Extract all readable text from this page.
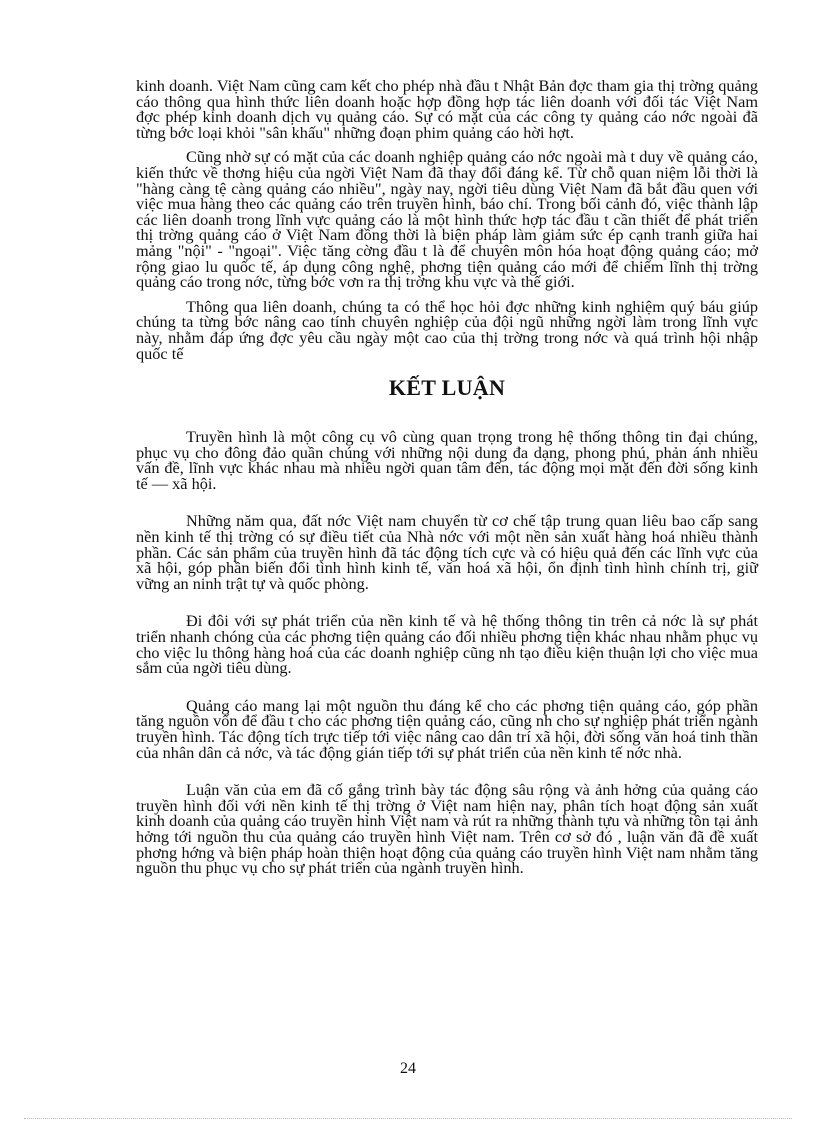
kinh doanh. Việt Nam cũng cam kết cho phép nhà đầu t Nhật Bản đợc tham gia thị trờng quảng cáo thông qua hình thức liên doanh hoặc hợp đồng hợp tác liên doanh với đối tác Việt Nam đợc phép kinh doanh dịch vụ quảng cáo. Sự có mặt của các công ty quảng cáo nớc ngoài đã từng bớc loại khỏi "sân khấu" những đoạn phim quảng cáo hời hợt.

Cũng nhờ sự có mặt của các doanh nghiệp quảng cáo nớc ngoài mà t duy về quảng cáo, kiến thức về thơng hiệu của ngời Việt Nam đã thay đổi đáng kể. Từ chỗ quan niệm lỗi thời là "hàng càng tệ càng quảng cáo nhiều", ngày nay, ngời tiêu dùng Việt Nam đã bắt đầu quen với việc mua hàng theo các quảng cáo trên truyền hình, báo chí. Trong bối cảnh đó, việc thành lập các liên doanh trong lĩnh vực quảng cáo là một hình thức hợp tác đầu t cần thiết để phát triển thị trờng quảng cáo ở Việt Nam đồng thời là biện pháp làm giảm sức ép cạnh tranh giữa hai mảng "nội" - "ngoại". Việc tăng cờng đầu t là để chuyên môn hóa hoạt động quảng cáo; mở rộng giao lu quốc tế, áp dụng công nghệ, phơng tiện quảng cáo mới để chiếm lĩnh thị trờng quảng cáo trong nớc, từng bớc vơn ra thị trờng khu vực và thế giới.

Thông qua liên doanh, chúng ta có thể học hỏi đợc những kinh nghiệm quý báu giúp chúng ta từng bớc nâng cao tính chuyên nghiệp của đội ngũ những ngời làm trong lĩnh vực này, nhằm đáp ứng đợc yêu cầu ngày một cao của thị trờng trong nớc và quá trình hội nhập quốc tế

KẾT LUẬN

Truyền hình là một công cụ vô cùng quan trọng trong hệ thống thông tin đại chúng, phục vụ cho đông đảo quần chúng với những nội dung đa dạng, phong phú, phản ánh nhiều vấn đề, lĩnh vực khác nhau mà nhiều ngời quan tâm đến, tác động mọi mặt đến đời sống kinh tế — xã hội.

Những năm qua, đất nớc Việt nam chuyển từ cơ chế tập trung quan liêu bao cấp sang nền kinh tế thị trờng có sự điều tiết của Nhà nớc với một nền sản xuất hàng hoá nhiều thành phần. Các sản phẩm của truyền hình đã tác động tích cực và có hiệu quả đến các lĩnh vực của xã hội, góp phần biến đổi tình hình kinh tế, văn hoá xã hội, ổn định tình hình chính trị, giữ vững an ninh trật tự và quốc phòng.

Đi đôi với sự phát triển của nền kinh tế và hệ thống thông tin trên cả nớc là sự phát triển nhanh chóng của các phơng tiện quảng cáo đối nhiều phơng tiện khác nhau nhằm phục vụ cho việc lu thông hàng hoá của các doanh nghiệp cũng nh tạo điều kiện thuận lợi cho việc mua sắm của ngời tiêu dùng.

Quảng cáo mang lại một nguồn thu đáng kể cho các phơng tiện quảng cáo, góp phần tăng nguồn vốn để đầu t cho các phơng tiện quảng cáo, cũng nh cho sự nghiệp phát triển ngành truyền hình. Tác động tích trực tiếp tới việc nâng cao dân trí xã hội, đời sống văn hoá tinh thần của nhân dân cả nớc, và tác động gián tiếp tới sự phát triển của nền kinh tế nớc nhà.

Luận văn của em đã cố gắng trình bày tác động sâu rộng và ảnh hởng của quảng cáo truyền hình đối với nền kinh tế thị trờng ở Việt nam hiện nay, phân tích hoạt động sản xuất kinh doanh của quảng cáo truyền hình Việt nam và rút ra những thành tựu và những tồn tại ảnh hởng tới nguồn thu của quảng cáo truyền hình Việt nam. Trên cơ sở đó , luận văn đã đề xuất phơng hớng và biện pháp hoàn thiện hoạt động của quảng cáo truyền hình Việt nam nhằm tăng nguồn thu phục vụ cho sự phát triển của ngành truyền hình.

24
